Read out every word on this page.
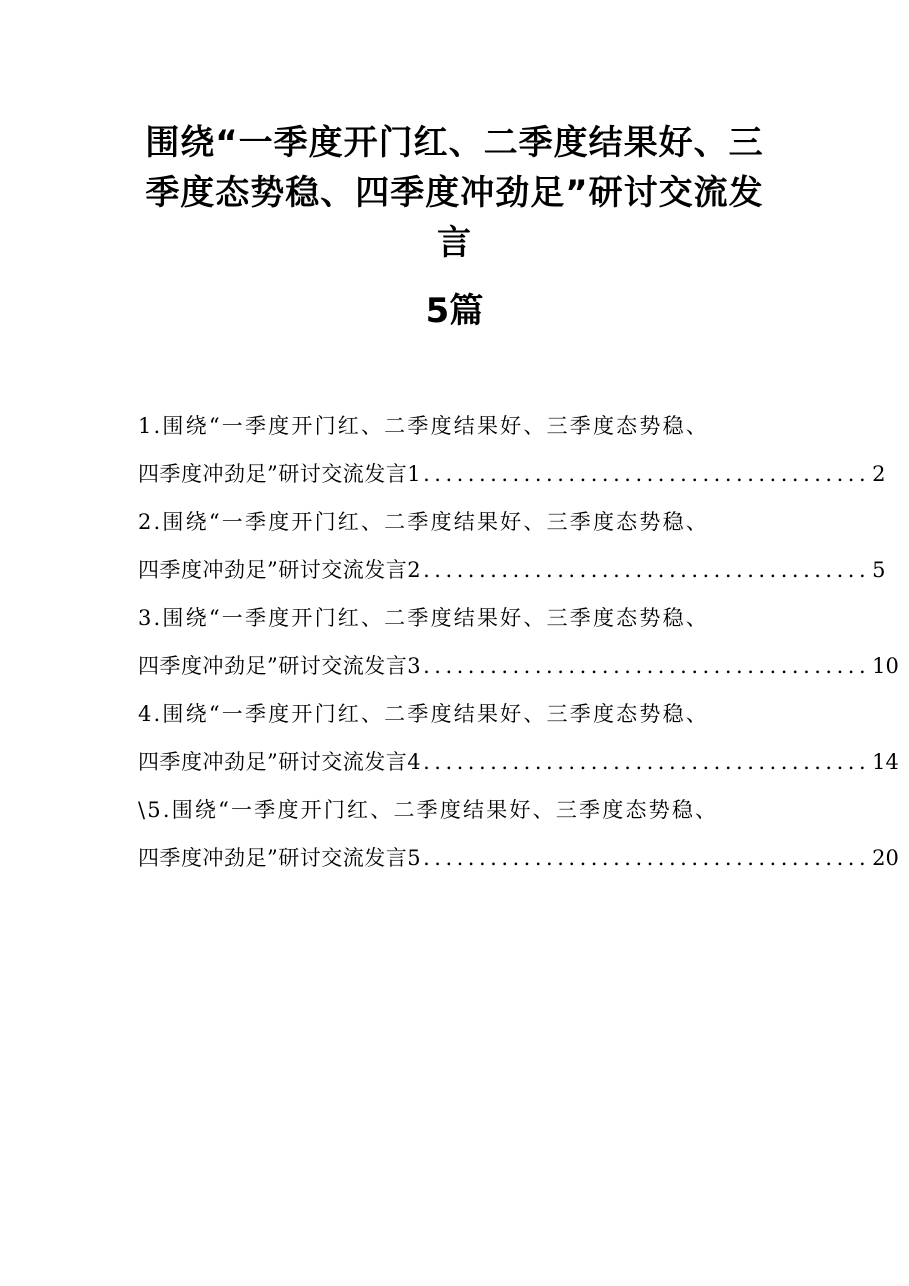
围绕“一季度开门红、二季度结果好、三
季度态势稳、四季度冲劲足”研讨交流发
言
5篇
1.围绕“一季度开门红、二季度结果好、三季度态势稳、
四季度冲劲足”研讨交流发言1 ........................................ 2
2.围绕“一季度开门红、二季度结果好、三季度态势稳、
四季度冲劲足”研讨交流发言2 ........................................ 5
3.围绕“一季度开门红、二季度结果好、三季度态势稳、
四季度冲劲足”研讨交流发言3 ........................................ 10
4.围绕“一季度开门红、二季度结果好、三季度态势稳、
四季度冲劲足”研讨交流发言4 ........................................ 14
\5.围绕“一季度开门红、二季度结果好、三季度态势稳、
四季度冲劲足”研讨交流发言5 ........................................ 20
